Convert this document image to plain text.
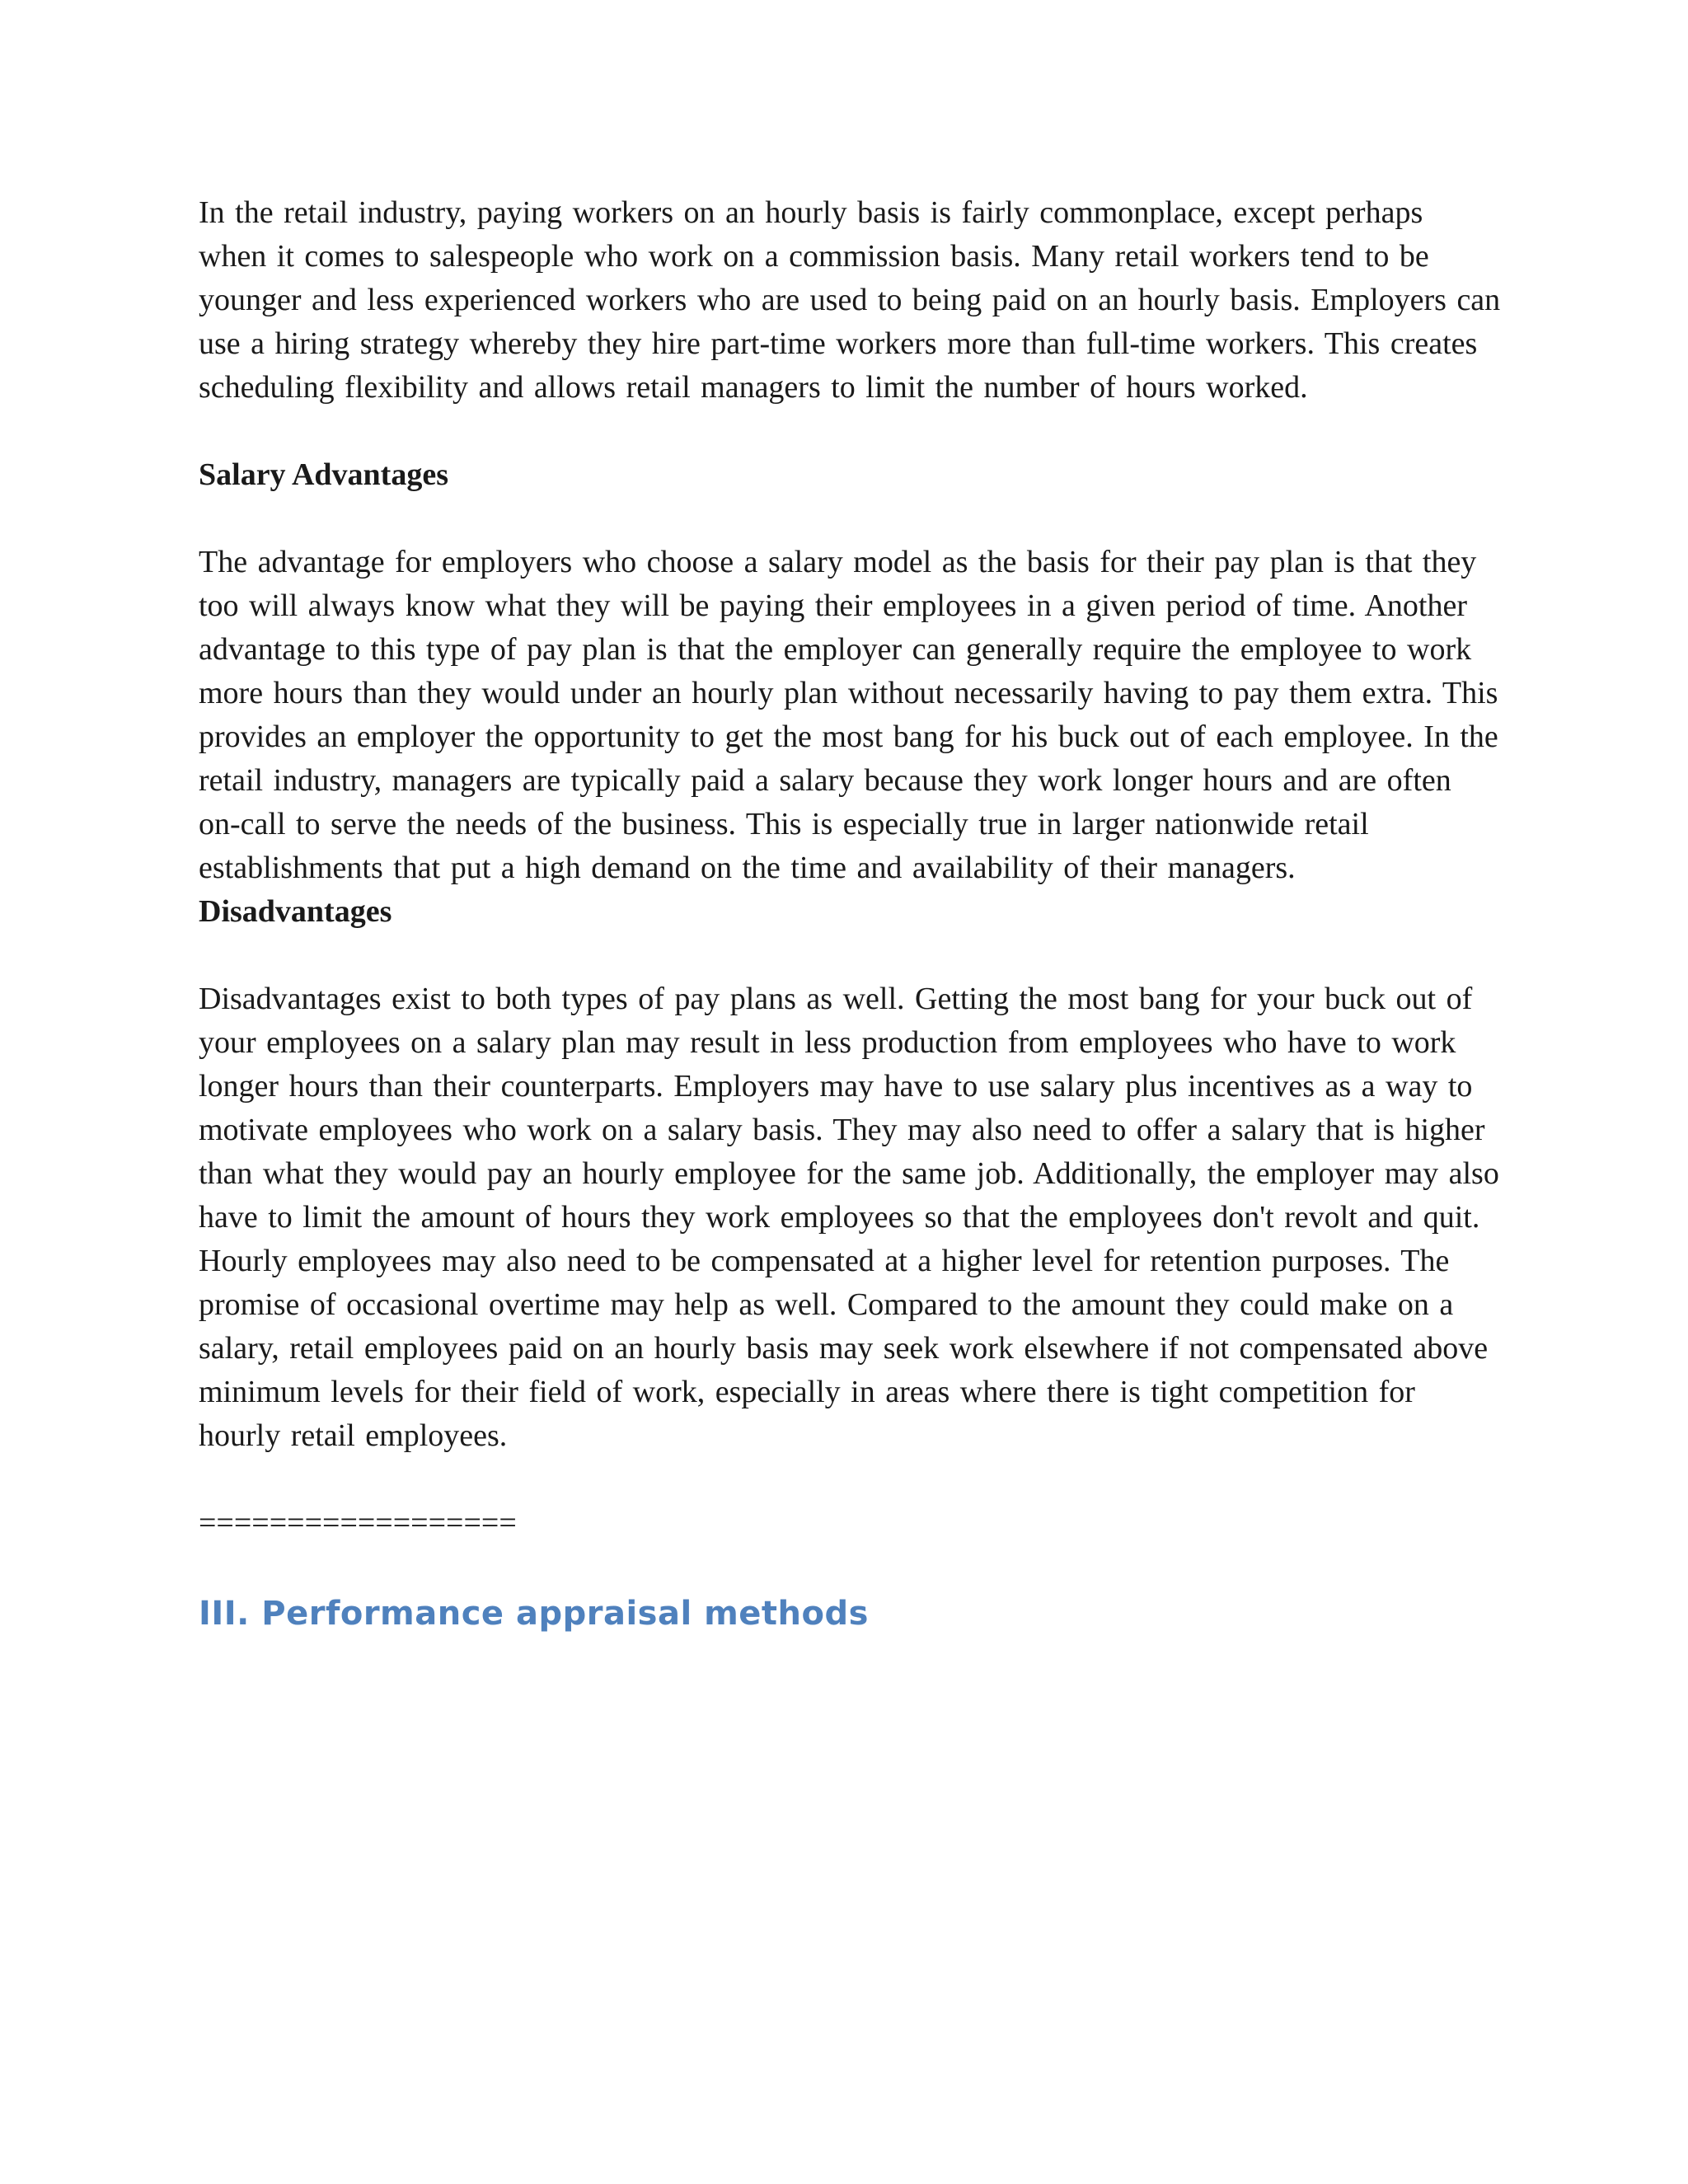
In the retail industry, paying workers on an hourly basis is fairly commonplace, except perhaps when it comes to salespeople who work on a commission basis. Many retail workers tend to be younger and less experienced workers who are used to being paid on an hourly basis. Employers can use a hiring strategy whereby they hire part-time workers more than full-time workers. This creates scheduling flexibility and allows retail managers to limit the number of hours worked.

Salary Advantages

The advantage for employers who choose a salary model as the basis for their pay plan is that they too will always know what they will be paying their employees in a given period of time. Another advantage to this type of pay plan is that the employer can generally require the employee to work more hours than they would under an hourly plan without necessarily having to pay them extra. This provides an employer the opportunity to get the most bang for his buck out of each employee. In the retail industry, managers are typically paid a salary because they work longer hours and are often on-call to serve the needs of the business. This is especially true in larger nationwide retail establishments that put a high demand on the time and availability of their managers.

Disadvantages

Disadvantages exist to both types of pay plans as well. Getting the most bang for your buck out of your employees on a salary plan may result in less production from employees who have to work longer hours than their counterparts. Employers may have to use salary plus incentives as a way to motivate employees who work on a salary basis. They may also need to offer a salary that is higher than what they would pay an hourly employee for the same job. Additionally, the employer may also have to limit the amount of hours they work employees so that the employees don't revolt and quit. Hourly employees may also need to be compensated at a higher level for retention purposes. The promise of occasional overtime may help as well. Compared to the amount they could make on a salary, retail employees paid on an hourly basis may seek work elsewhere if not compensated above minimum levels for their field of work, especially in areas where there is tight competition for hourly retail employees.

==================

III. Performance appraisal methods
